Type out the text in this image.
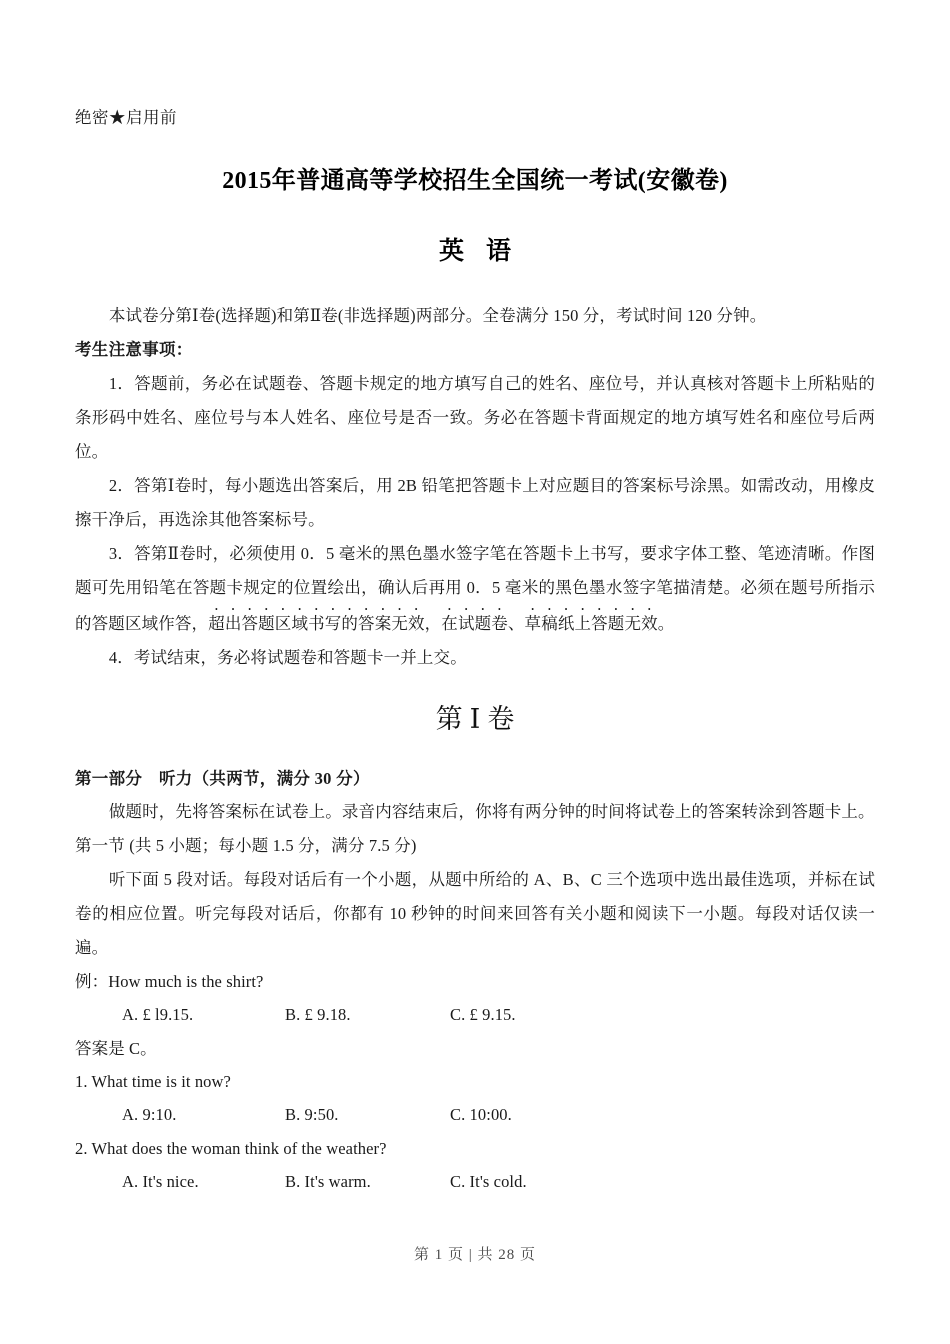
绝密★启用前
2015年普通高等学校招生全国统一考试(安徽卷)
英语

本试卷分第Ⅰ卷(选择题)和第Ⅱ卷(非选择题)两部分。全卷满分 150 分，考试时间 120 分钟。

考生注意事项：

1．答题前，务必在试题卷、答题卡规定的地方填写自己的姓名、座位号，并认真核对答题卡上所粘贴的条形码中姓名、座位号与本人姓名、座位号是否一致。务必在答题卡背面规定的地方填写姓名和座位号后两位。

2．答第Ⅰ卷时，每小题选出答案后，用 2B 铅笔把答题卡上对应题目的答案标号涂黑。如需改动，用橡皮擦干净后，再选涂其他答案标号。

3．答第Ⅱ卷时，必须使用 0．5 毫米的黑色墨水签字笔在答题卡上书写，要求字体工整、笔迹清晰。作图题可先用铅笔在答题卡规定的位置绘出，确认后再用 0．5 毫米的黑色墨水签字笔描清楚。必须在题号所指示的答题区域作答，超出答题区域书写的答案无效，在试题卷、草稿纸上答题无效。

4．考试结束，务必将试题卷和答题卡一并上交。

第Ⅰ卷

第一部分　听力（共两节，满分 30 分）

做题时，先将答案标在试卷上。录音内容结束后，你将有两分钟的时间将试卷上的答案转涂到答题卡上。

第一节 (共 5 小题；每小题 1.5 分，满分 7.5 分)

听下面 5 段对话。每段对话后有一个小题，从题中所给的 A、B、C 三个选项中选出最佳选项，并标在试卷的相应位置。听完每段对话后，你都有 10 秒钟的时间来回答有关小题和阅读下一小题。每段对话仅读一遍。

例：How much is the shirt?

A. £ l9.15.	B. £ 9.18.	C. £ 9.15.

答案是 C。

1. What time is it now?

A. 9:10.	B. 9:50.	C. 10:00.

2. What does the woman think of the weather?

A. It's nice.	B. It's warm.	C. It's cold.
第 1 页 | 共 28 页
